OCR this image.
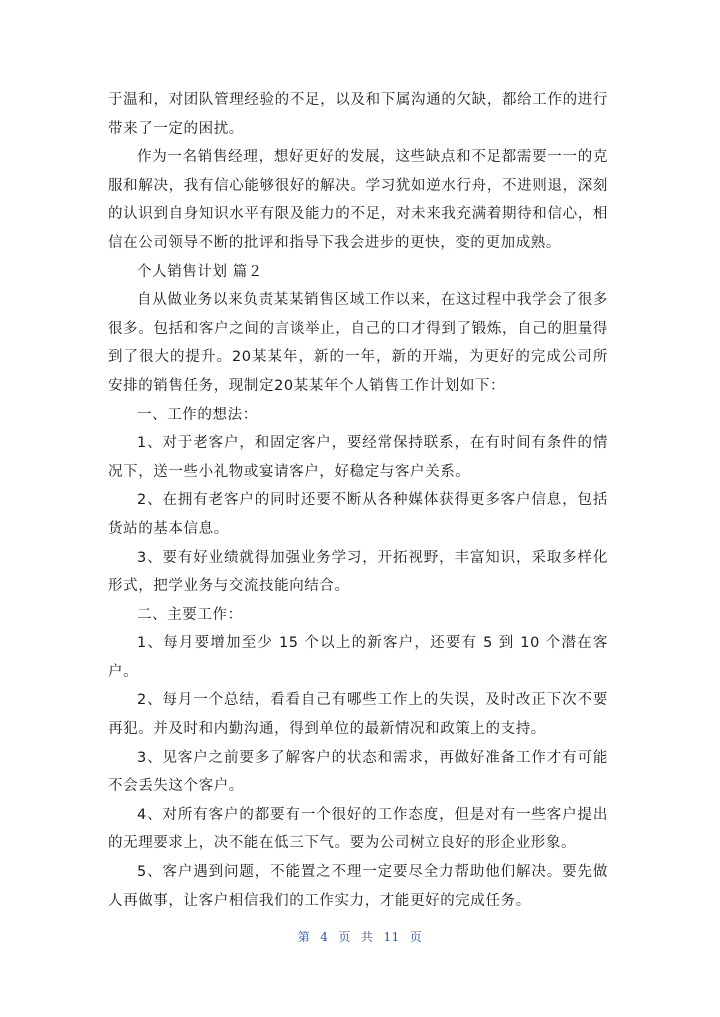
于温和，对团队管理经验的不足，以及和下属沟通的欠缺，都给工作的进行带来了一定的困扰。

作为一名销售经理，想好更好的发展，这些缺点和不足都需要一一的克服和解决，我有信心能够很好的解决。学习犹如逆水行舟，不进则退，深刻的认识到自身知识水平有限及能力的不足，对未来我充满着期待和信心，相信在公司领导不断的批评和指导下我会进步的更快，变的更加成熟。

个人销售计划 篇２

自从做业务以来负责某某销售区域工作以来，在这过程中我学会了很多很多。包括和客户之间的言谈举止，自己的口才得到了锻炼，自己的胆量得到了很大的提升。20某某年，新的一年，新的开端，为更好的完成公司所安排的销售任务，现制定20某某年个人销售工作计划如下：

一、工作的想法：

1、对于老客户，和固定客户，要经常保持联系，在有时间有条件的情况下，送一些小礼物或宴请客户，好稳定与客户关系。

2、在拥有老客户的同时还要不断从各种媒体获得更多客户信息，包括货站的基本信息。

3、要有好业绩就得加强业务学习，开拓视野，丰富知识，采取多样化形式，把学业务与交流技能向结合。

二、主要工作：

1、每月要增加至少 15 个以上的新客户，还要有 5 到 10 个潜在客户。

2、每月一个总结，看看自己有哪些工作上的失误，及时改正下次不要再犯。并及时和内勤沟通，得到单位的最新情况和政策上的支持。

3、见客户之前要多了解客户的状态和需求，再做好准备工作才有可能不会丢失这个客户。

4、对所有客户的都要有一个很好的工作态度，但是对有一些客户提出的无理要求上，决不能在低三下气。要为公司树立良好的形企业形象。

5、客户遇到问题，不能置之不理一定要尽全力帮助他们解决。要先做人再做事，让客户相信我们的工作实力，才能更好的完成任务。

第 4 页 共 11 页
